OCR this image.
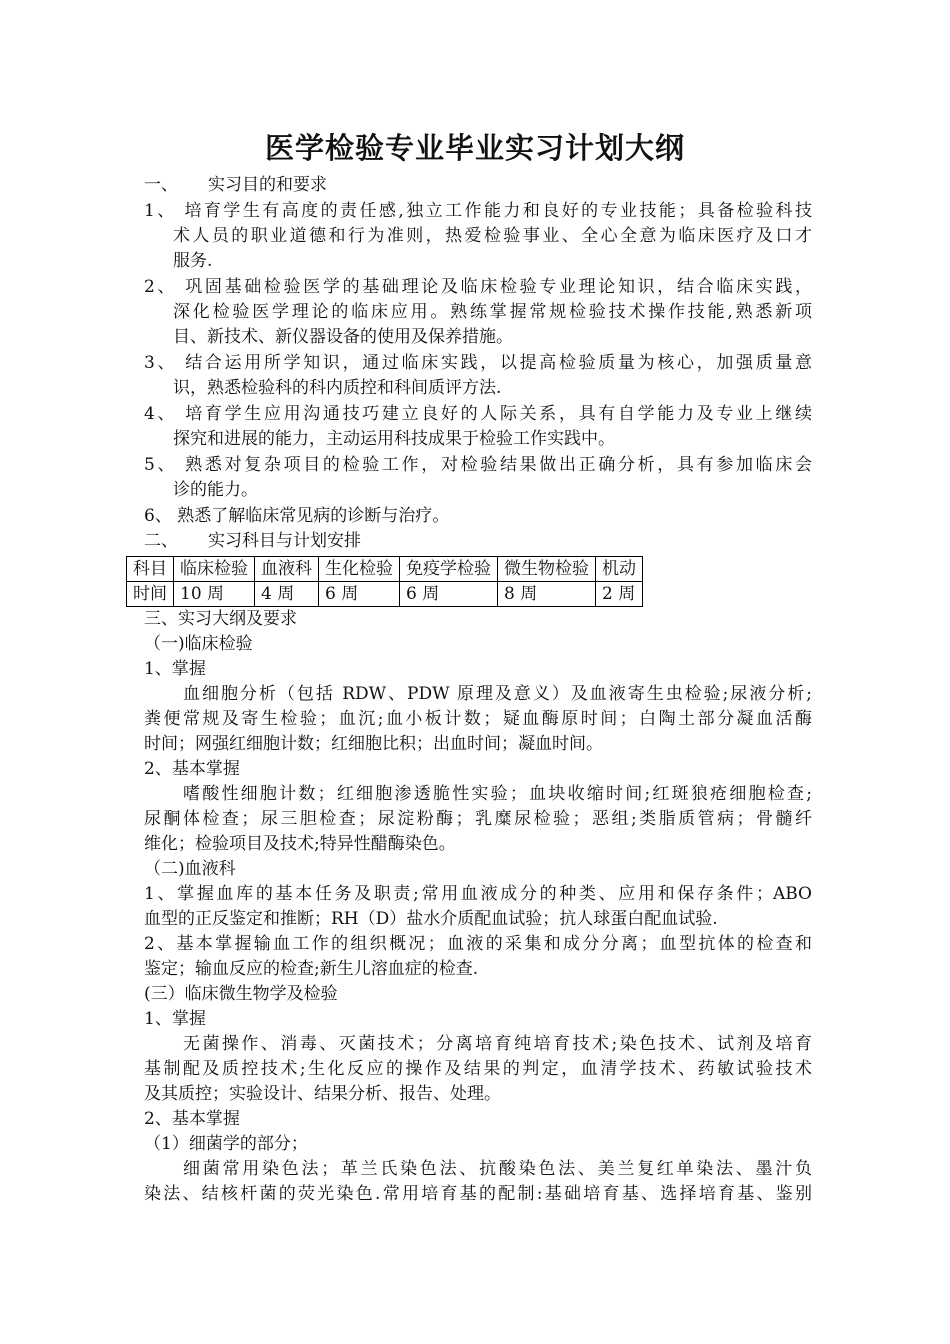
医学检验专业毕业实习计划大纲
一、 实习目的和要求
1、 培育学生有高度的责任感,独立工作能力和良好的专业技能；具备检验科技
术人员的职业道德和行为准则，热爱检验事业、全心全意为临床医疗及口才
服务.
2、 巩固基础检验医学的基础理论及临床检验专业理论知识，结合临床实践，
深化检验医学理论的临床应用。熟练掌握常规检验技术操作技能,熟悉新项
目、新技术、新仪器设备的使用及保养措施。
3、 结合运用所学知识，通过临床实践，以提高检验质量为核心，加强质量意
识，熟悉检验科的科内质控和科间质评方法.
4、 培育学生应用沟通技巧建立良好的人际关系，具有自学能力及专业上继续
探究和进展的能力，主动运用科技成果于检验工作实践中。
5、 熟悉对复杂项目的检验工作，对检验结果做出正确分析，具有参加临床会
诊的能力。
6、 熟悉了解临床常见病的诊断与治疗。
二、 实习科目与计划安排
科目	临床检验	血液科	生化检验	免疫学检验	微生物检验	机动
时间	10 周	4 周	6 周	6 周	8 周	2 周
三、实习大纲及要求
（一)临床检验
1、掌握
血细胞分析（包括 RDW、PDW 原理及意义）及血液寄生虫检验;尿液分析;
粪便常规及寄生检验；血沉;血小板计数；疑血酶原时间；白陶土部分凝血活酶
时间；网强红细胞计数；红细胞比积；出血时间；凝血时间。
2、基本掌握
嗜酸性细胞计数；红细胞渗透脆性实验；血块收缩时间;红斑狼疮细胞检查;
尿酮体检查；尿三胆检查；尿淀粉酶；乳糜尿检验；恶组;类脂质管病；骨髓纤
维化；检验项目及技术;特异性醋酶染色。
（二)血液科
1、掌握血库的基本任务及职责;常用血液成分的种类、应用和保存条件；ABO
血型的正反鉴定和推断；RH（D）盐水介质配血试验；抗人球蛋白配血试验.
2、基本掌握输血工作的组织概况；血液的采集和成分分离；血型抗体的检查和
鉴定；输血反应的检查;新生儿溶血症的检查.
(三）临床微生物学及检验
1、掌握
无菌操作、消毒、灭菌技术；分离培育纯培育技术;染色技术、试剂及培育
基制配及质控技术;生化反应的操作及结果的判定，血清学技术、药敏试验技术
及其质控；实验设计、结果分析、报告、处理。
2、基本掌握
（1）细菌学的部分；
细菌常用染色法；革兰氏染色法、抗酸染色法、美兰复红单染法、墨汁负
染法、结核杆菌的荧光染色.常用培育基的配制:基础培育基、选择培育基、鉴别
